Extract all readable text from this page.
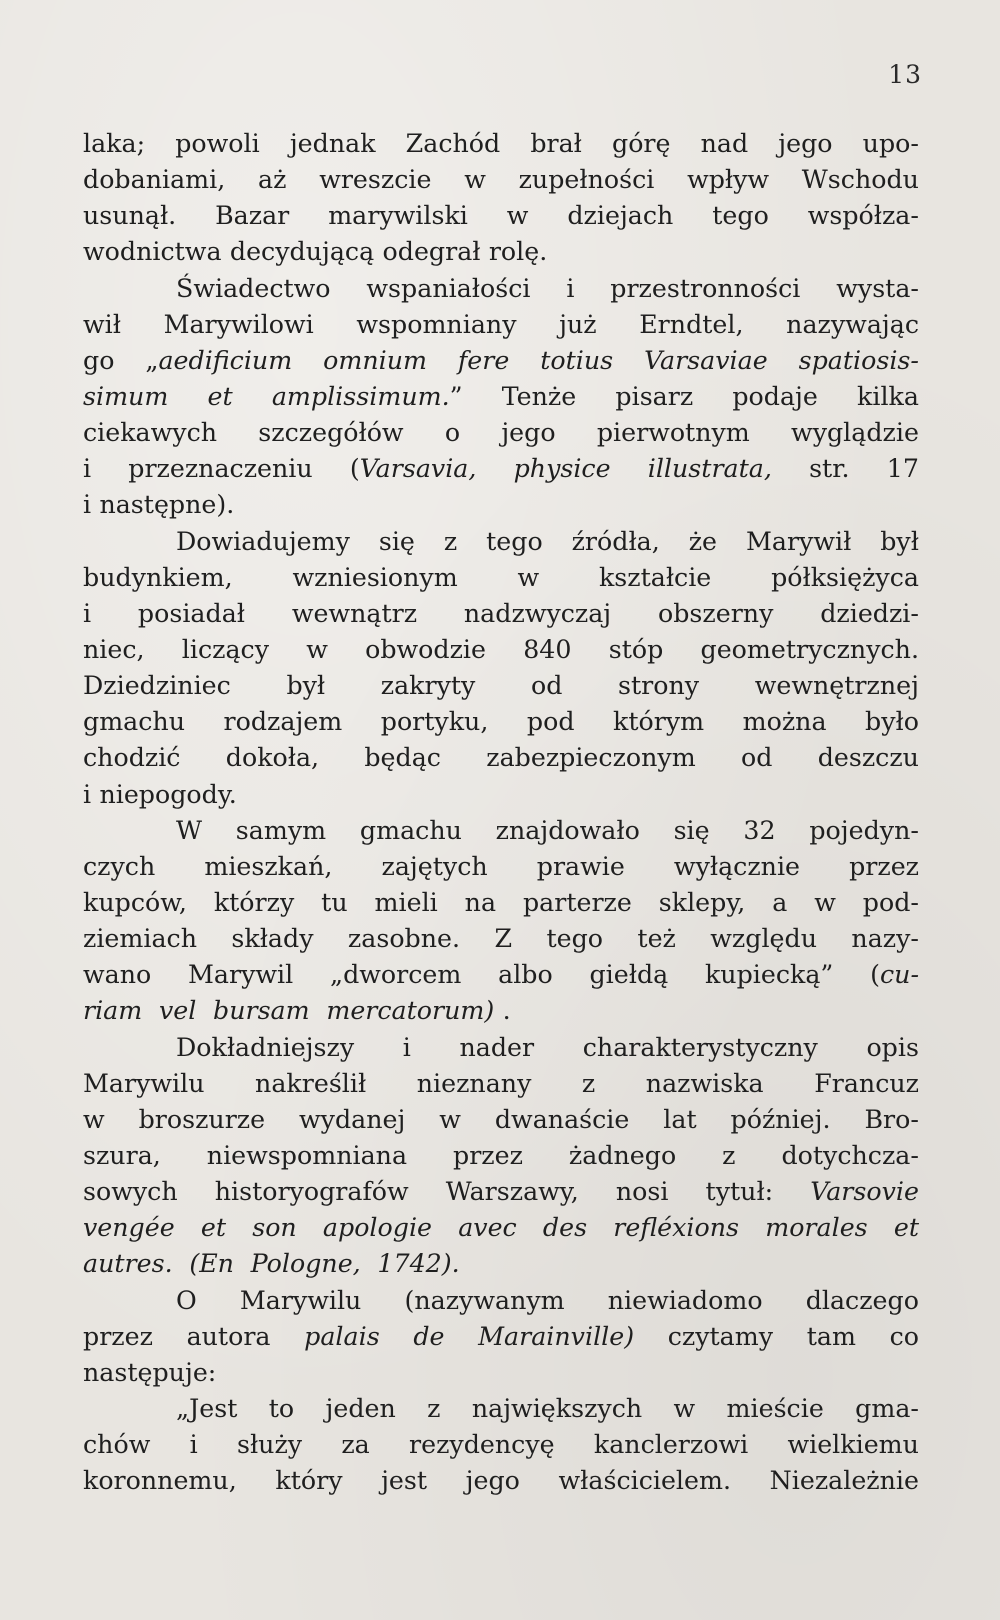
13
laka; powoli jednak Zachód brał górę nad jego upo-
dobaniami, aż wreszcie w zupełności wpływ Wschodu
usunął. Bazar marywilski w dziejach tego współza-
wodnictwa decydującą odegrał rolę.
Świadectwo wspaniałości i przestronności wysta-
wił Marywilowi wspomniany już Erndtel, nazywając
go „aedificium omnium fere totius Varsaviae spatiosis-
simum et amplissimum.” Tenże pisarz podaje kilka
ciekawych szczegółów o jego pierwotnym wyglądzie
i przeznaczeniu (Varsavia, physice illustrata, str. 17
i następne).
Dowiadujemy się z tego źródła, że Marywił był
budynkiem, wzniesionym w kształcie półksiężyca
i posiadał wewnątrz nadzwyczaj obszerny dziedzi-
niec, liczący w obwodzie 840 stóp geometrycznych.
Dziedziniec był zakryty od strony wewnętrznej
gmachu rodzajem portyku, pod którym można było
chodzić dokoła, będąc zabezpieczonym od deszczu
i niepogody.
W samym gmachu znajdowało się 32 pojedyn-
czych mieszkań, zajętych prawie wyłącznie przez
kupców, którzy tu mieli na parterze sklepy, a w pod-
ziemiach składy zasobne. Z tego też względu nazy-
wano Marywil „dworcem albo giełdą kupiecką” (cu-
riam vel bursam mercatorum) .
Dokładniejszy i nader charakterystyczny opis
Marywilu nakreślił nieznany z nazwiska Francuz
w broszurze wydanej w dwanaście lat później. Bro-
szura, niewspomniana przez żadnego z dotychcza-
sowych historyografów Warszawy, nosi tytuł: Varsovie
vengée et son apologie avec des refléxions morales et
autres. (En Pologne, 1742).
O Marywilu (nazywanym niewiadomo dlaczego
przez autora palais de Marainville) czytamy tam co
następuje:
„Jest to jeden z największych w mieście gma-
chów i służy za rezydencyę kanclerzowi wielkiemu
koronnemu, który jest jego właścicielem. Niezależnie
